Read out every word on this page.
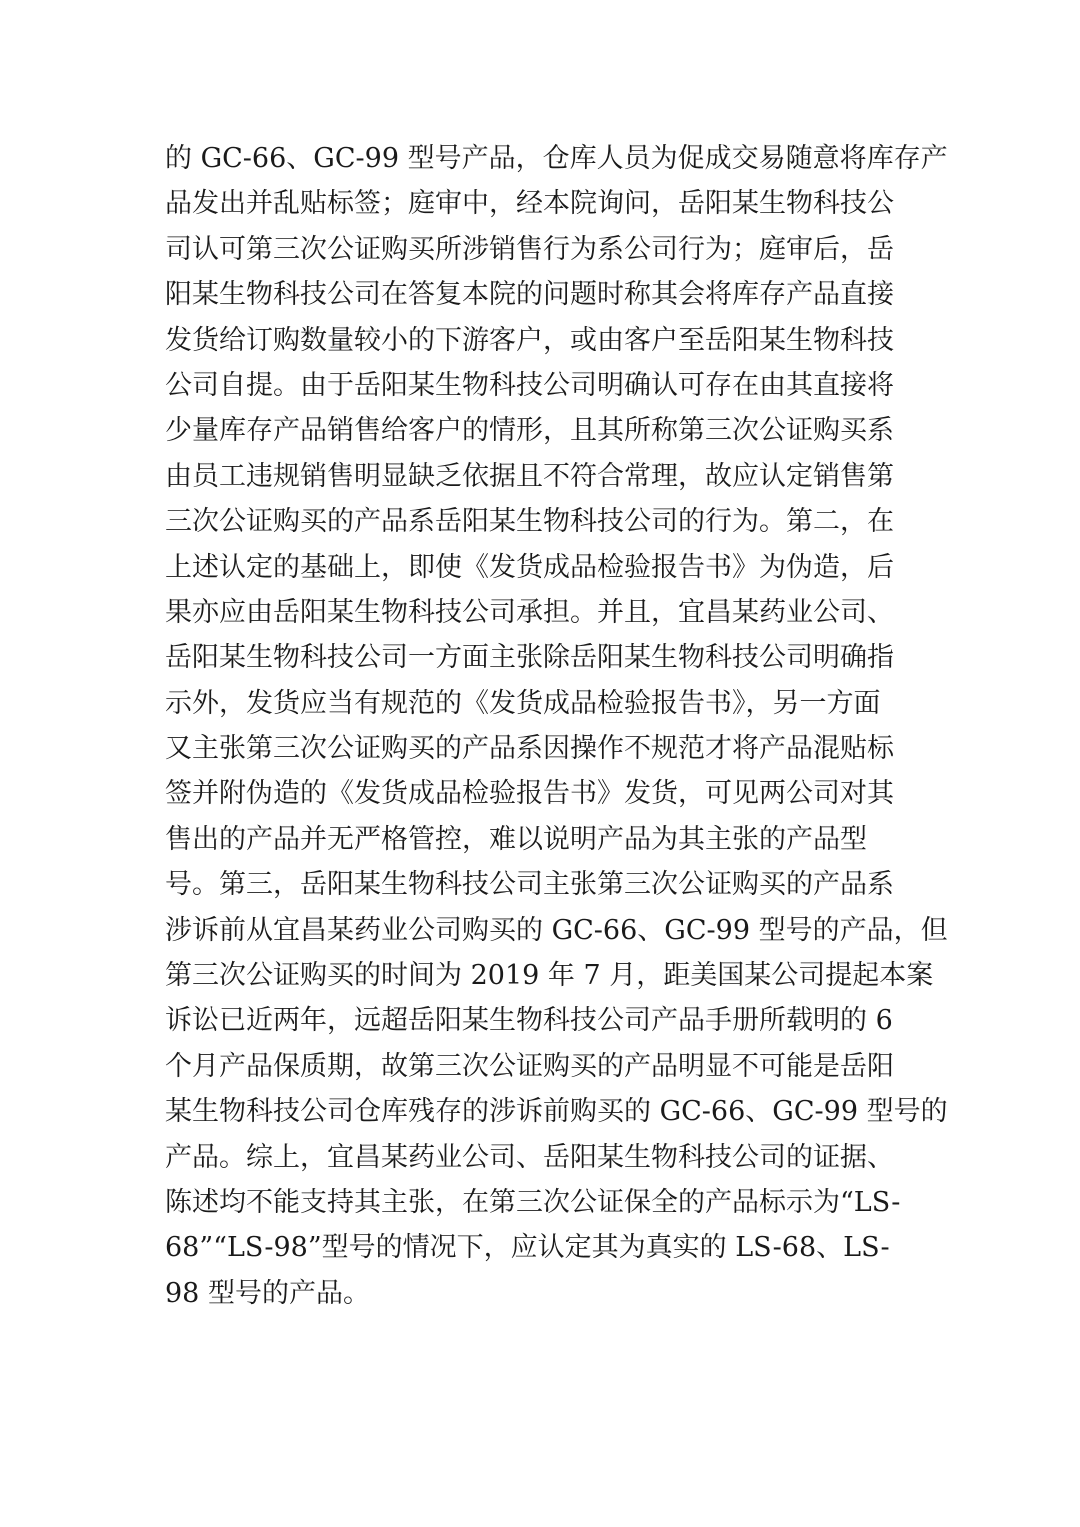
的 GC-66、GC-99 型号产品，仓库人员为促成交易随意将库存产
品发出并乱贴标签；庭审中，经本院询问，岳阳某生物科技公
司认可第三次公证购买所涉销售行为系公司行为；庭审后，岳
阳某生物科技公司在答复本院的问题时称其会将库存产品直接
发货给订购数量较小的下游客户，或由客户至岳阳某生物科技
公司自提。由于岳阳某生物科技公司明确认可存在由其直接将
少量库存产品销售给客户的情形，且其所称第三次公证购买系
由员工违规销售明显缺乏依据且不符合常理，故应认定销售第
三次公证购买的产品系岳阳某生物科技公司的行为。第二，在
上述认定的基础上，即使《发货成品检验报告书》为伪造，后
果亦应由岳阳某生物科技公司承担。并且，宜昌某药业公司、
岳阳某生物科技公司一方面主张除岳阳某生物科技公司明确指
示外，发货应当有规范的《发货成品检验报告书》，另一方面
又主张第三次公证购买的产品系因操作不规范才将产品混贴标
签并附伪造的《发货成品检验报告书》发货，可见两公司对其
售出的产品并无严格管控，难以说明产品为其主张的产品型
号。第三，岳阳某生物科技公司主张第三次公证购买的产品系
涉诉前从宜昌某药业公司购买的 GC-66、GC-99 型号的产品，但
第三次公证购买的时间为 2019 年 7 月，距美国某公司提起本案
诉讼已近两年，远超岳阳某生物科技公司产品手册所载明的 6
个月产品保质期，故第三次公证购买的产品明显不可能是岳阳
某生物科技公司仓库残存的涉诉前购买的 GC-66、GC-99 型号的
产品。综上，宜昌某药业公司、岳阳某生物科技公司的证据、
陈述均不能支持其主张，在第三次公证保全的产品标示为“LS-
68”“LS-98”型号的情况下，应认定其为真实的 LS-68、LS-
98 型号的产品。
